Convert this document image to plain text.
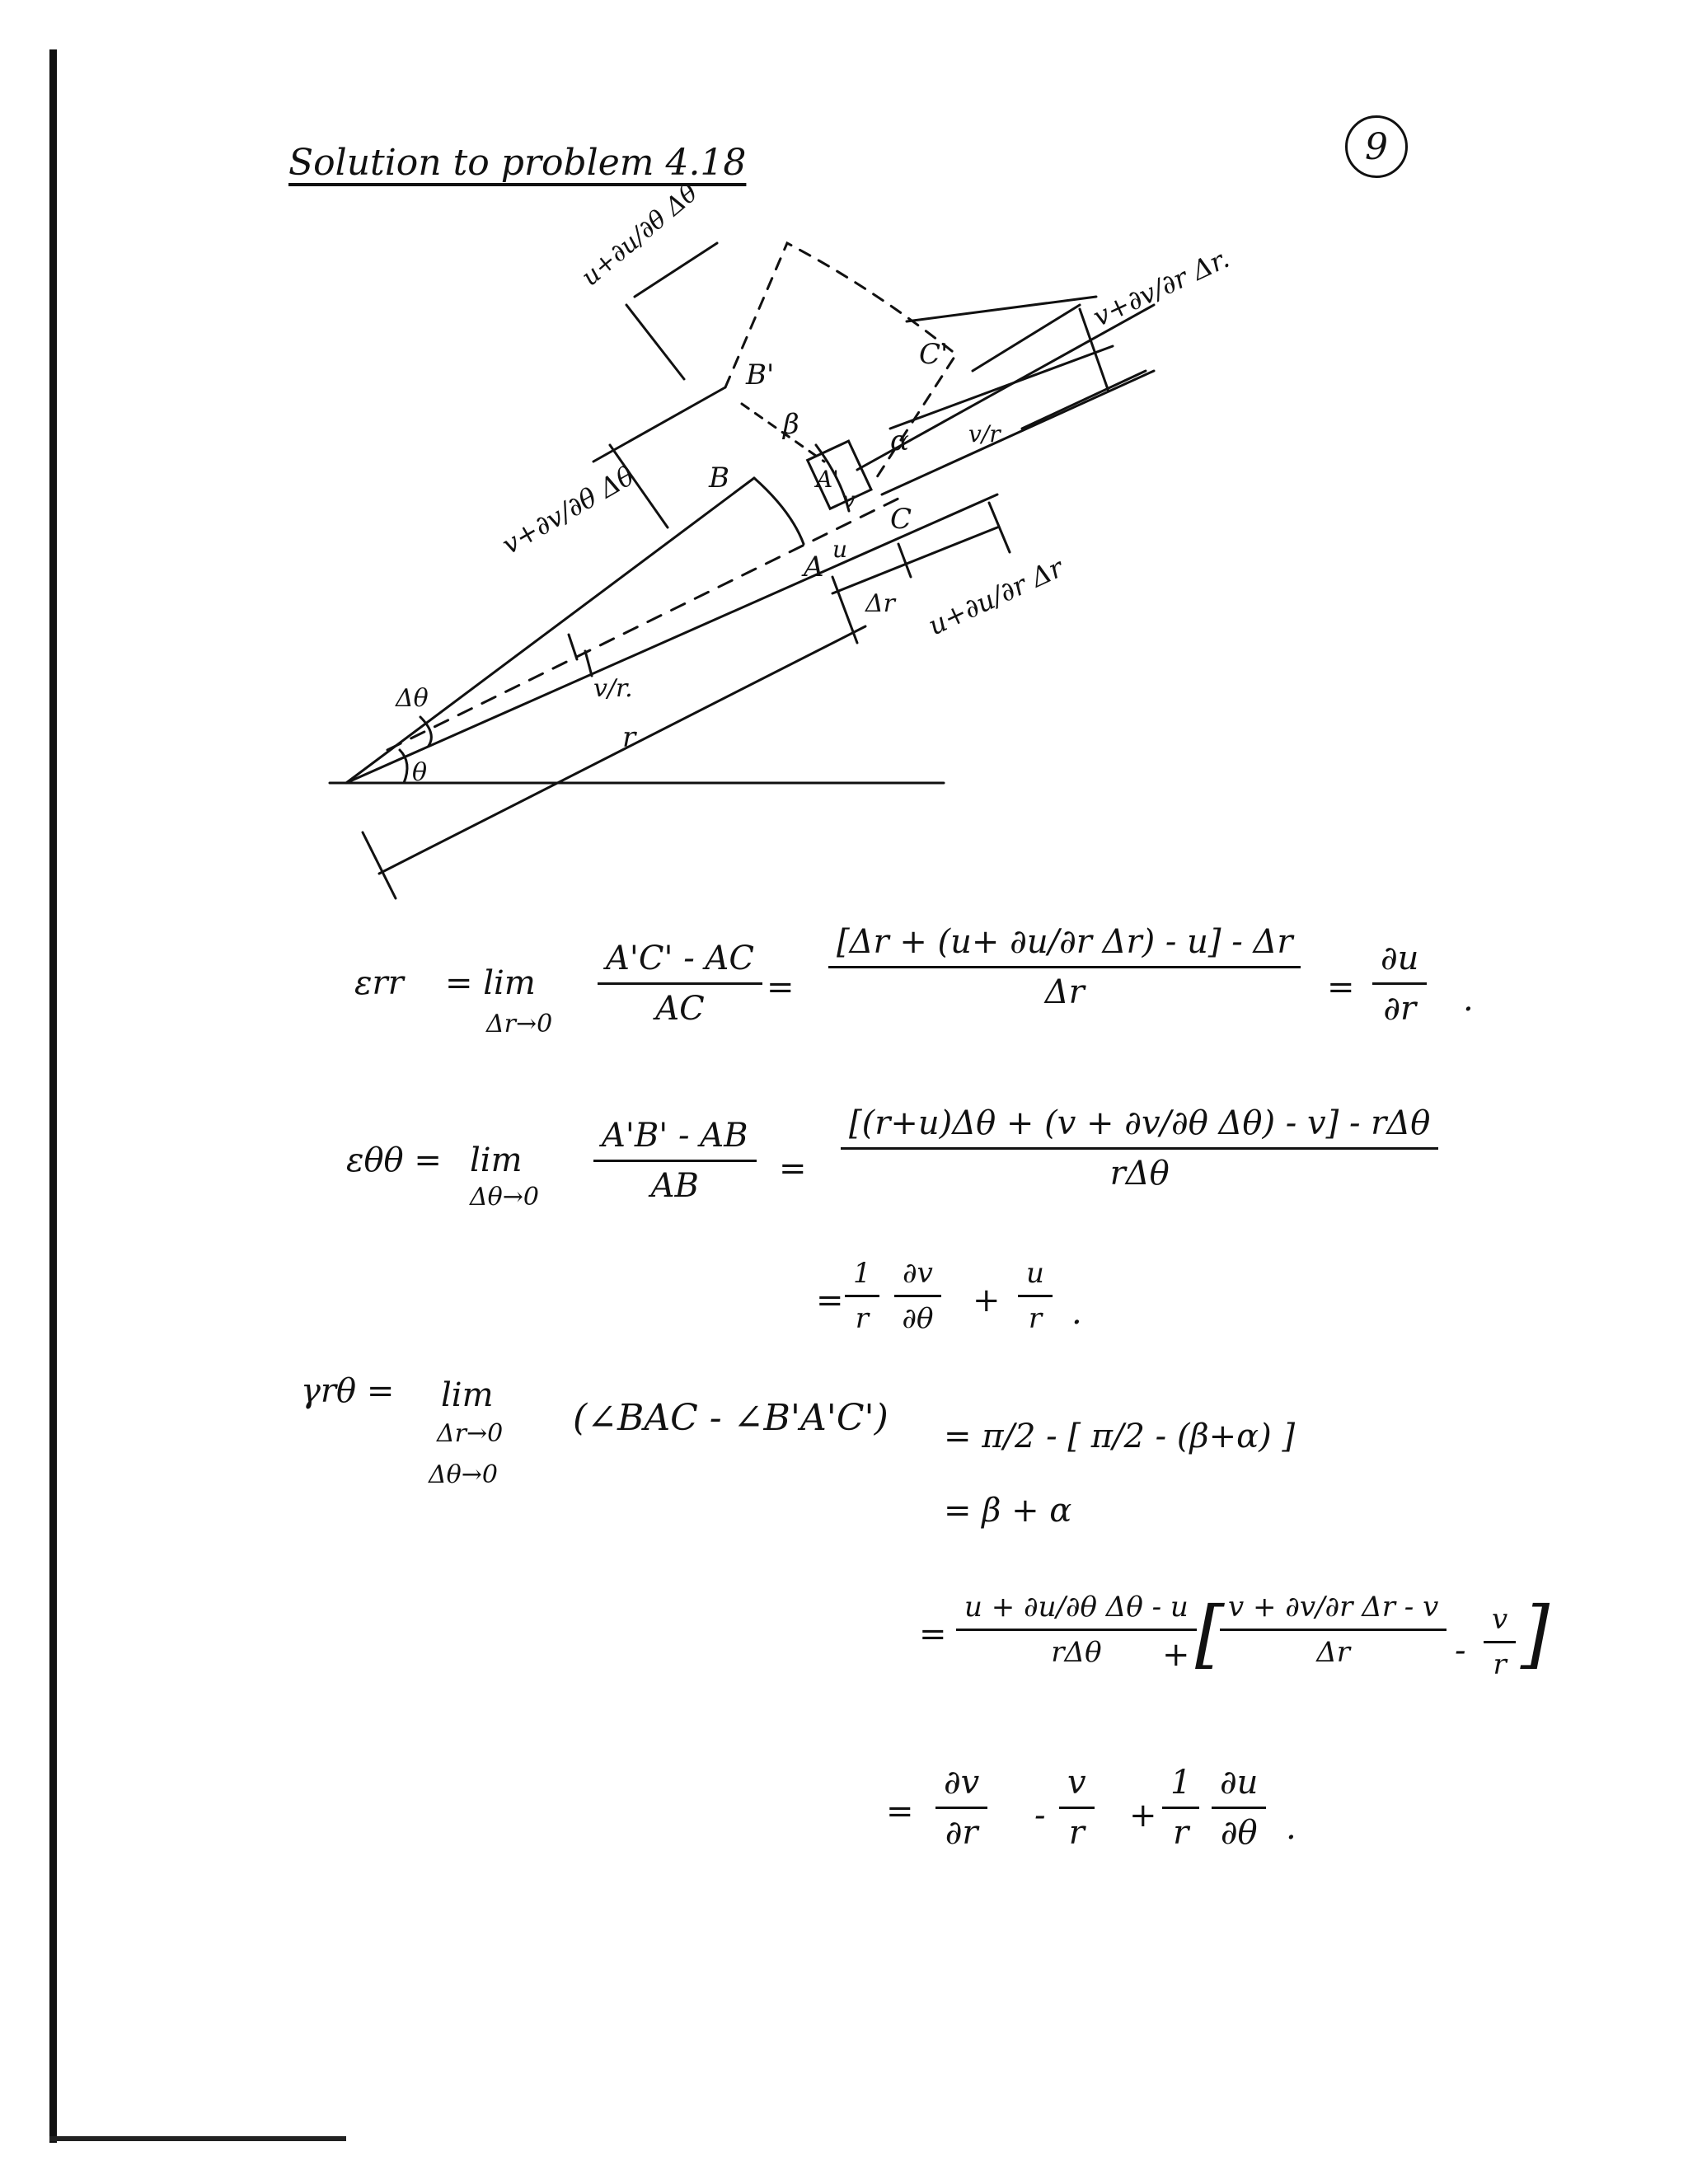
Solution to problem 4.18	9
u+∂u/∂θ Δθ	v+∂v/∂r Δr.
v+∂v/∂θ Δθ
u+∂u/∂r Δr
B'
C'
β	α	v/r
A'
v
B
A
u
C
Δr
Δθ	v/r.
r
θ
εrr = lim
$\Delta r\to 0 \frac{A'C' - AC}{AC} = \frac{\text{[Δr + (u+ ∂u/∂r Δr) - u] - Δr}}{\Delta r} = \frac{\partial u}{\partial r}$ .
εθθ = lim
$\Delta\theta\to 0 \frac{A'B' - AB}{AB}$ =
[(r+u)Δθ + (v + ∂v/∂θ Δθ) - v] - rΔθ
rΔθ
= $\frac{1}{r} \frac{\partial v}{\partial\theta} + \frac{u}{r}$ .
γrθ = lim
Δr→0
Δθ→0
(∠BAC - ∠B'A'C') = π/2 - [ π/2 - (β+α) ]
= β + α
=
u + ∂u/∂θ Δθ - u
rΔθ	+ [
$\frac{\text{v + ∂v/∂r Δr - v}}{\Delta r} - \frac{v}{r}$ ]
= $\frac{\partial v}{\partial r} - \frac{v}{r} + \frac{1}{r} \frac{\partial u}{\partial\theta}$ .
